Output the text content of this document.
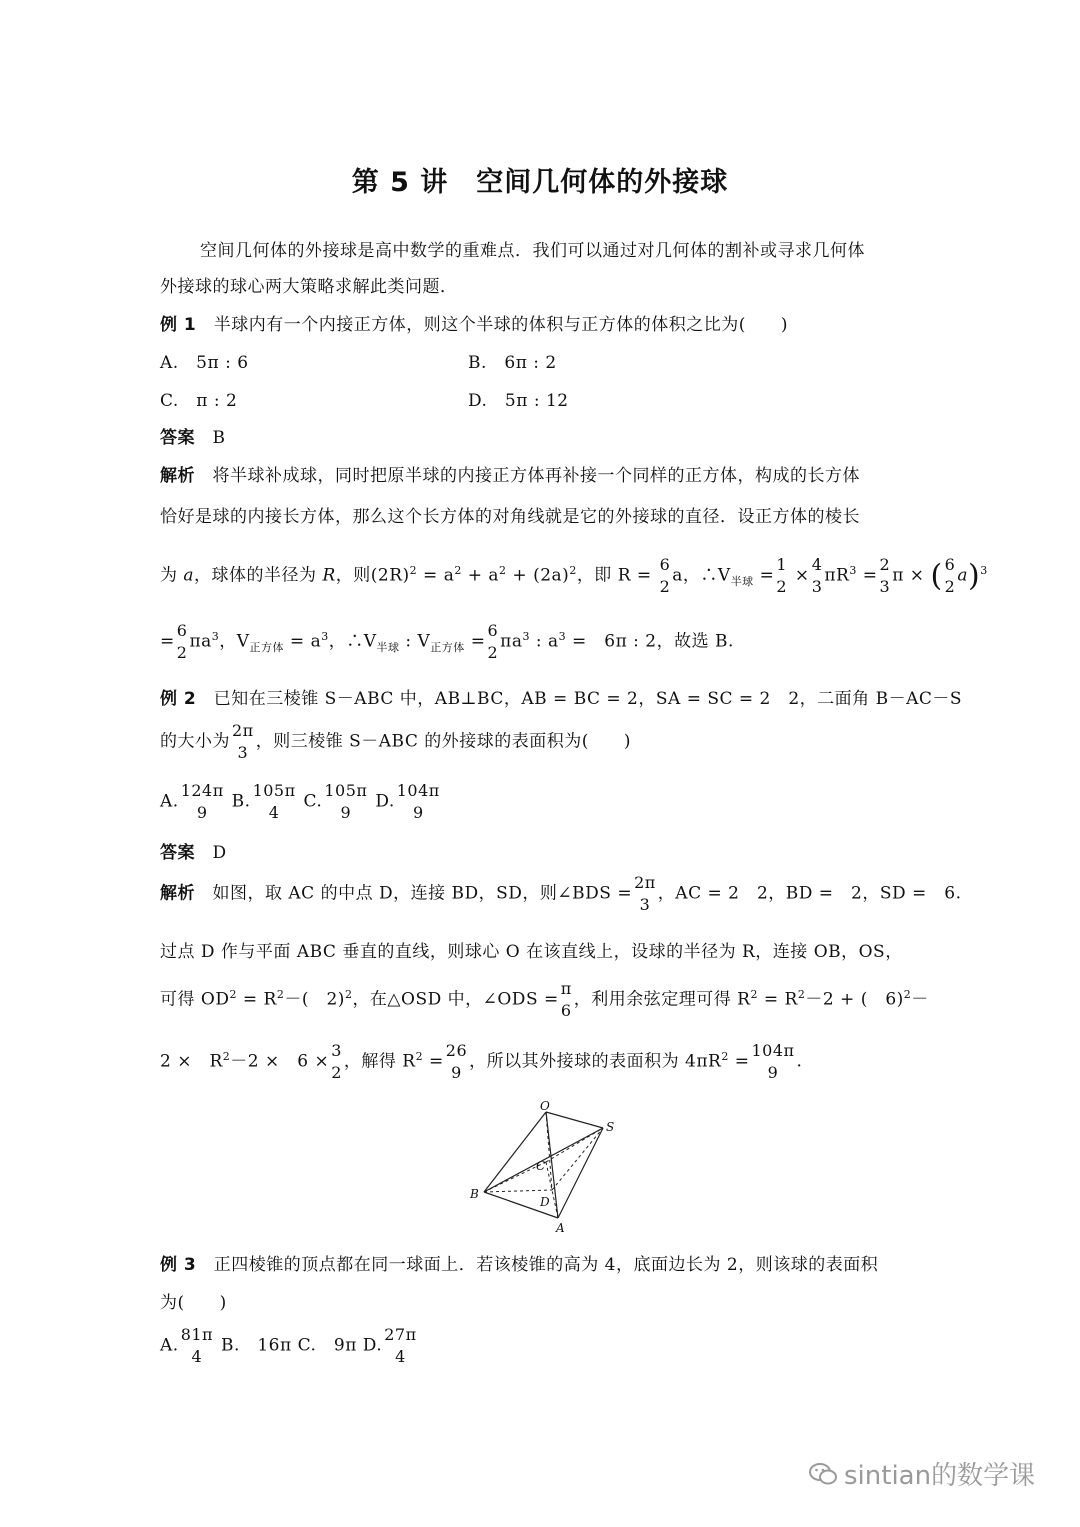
第 5 讲　空间几何体的外接球
空间几何体的外接球是高中数学的重难点．我们可以通过对几何体的割补或寻求几何体
外接球的球心两大策略求解此类问题．
例 1　 半球内有一个内接正方体，则这个半球的体积与正方体的体积之比为(　　)
A.　5π : 6	B.　6π : 2
C.　π : 2	D.　5π : 12
答案　 B
解析　 将半球补成球，同时把原半球的内接正方体再补接一个同样的正方体，构成的长方体
恰好是球的内接长方体，那么这个长方体的对角线就是它的外接球的直径．设正方体的棱长
为 a，球体的半径为 R，则$(2R)^2 = a^2 + a^2 + (2a)^2$，即 R =
6
2
a，$\therefore V_{半球}$ =
1
2
×
4
3
$\pi R^3$ =
2
3
π × ( 6
2
a)$^3$
=
6
2
$\pi a^3$，$V_{正方体} = a^3$，$\therefore V_{半球}$ : $V_{正方体}$ =
6
2
$\pi a^3$ : $a^3$ =　6π : 2，故选 B.
例 2　 已知在三棱锥 S－ABC 中，AB⊥BC，AB = BC = 2，SA = SC = 2　2，二面角 B－AC－S
的大小为
2π
3
，则三棱锥 S－ABC 的外接球的表面积为(　　)
A.
124π
9
B.
105π
4
C.
105π
9
D.
104π
9
答案　 D
解析　 如图，取 AC 的中点 D，连接 BD，SD，则∠BDS =
2π
3
，AC = 2　2，BD =　2，SD =　6.
过点 D 作与平面 ABC 垂直的直线，则球心 O 在该直线上，设球的半径为 R，连接 OB，OS，
可得 $OD^2 = R^2-$(　2)$^2$，在△OSD 中，∠ODS =
π
6
，利用余弦定理可得 $R^2 = R^2-2$ + (　6)$^2$－
2 ×　$R^2-2$ ×　6 ×
3
2
，解得 $R^2$ =
26
9
，所以其外接球的表面积为 $4\pi R^2$ =
104π
9
.
O
S
C
B
D
A
例 3　 正四棱锥的顶点都在同一球面上．若该棱锥的高为 4，底面边长为 2，则该球的表面积
为(　　)
A.
81π
4
B.　16π C.　9π D.
27π
4
sintian的数学课
